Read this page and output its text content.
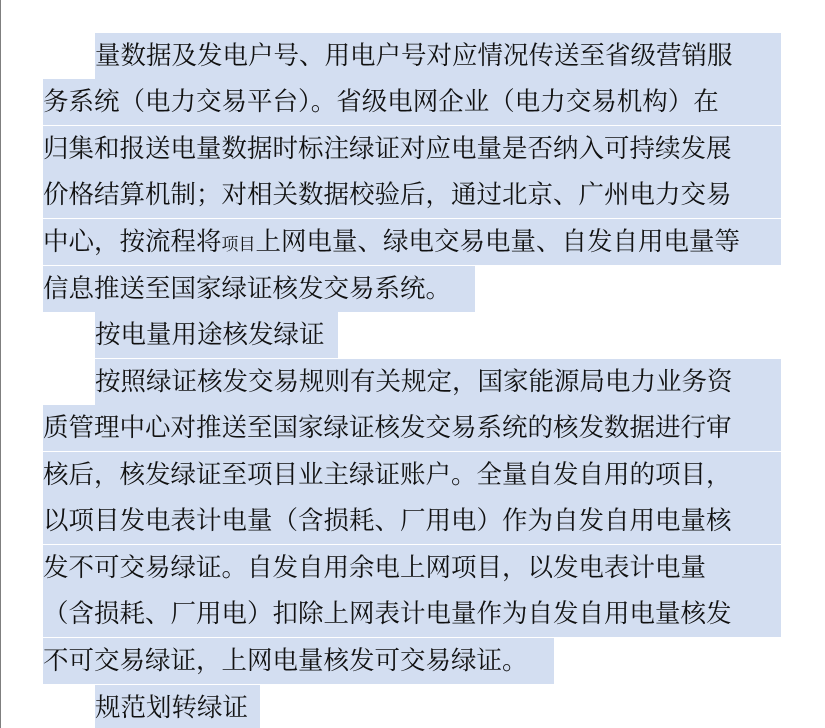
量数据及发电户号、用电户号对应情况传送至省级营销服
务系统（电力交易平台）。省级电网企业（电力交易机构）在
归集和报送电量数据时标注绿证对应电量是否纳入可持续发展
价格结算机制；对相关数据校验后，通过北京、广州电力交易
中心，按流程将项目上网电量、绿电交易电量、自发自用电量等
信息推送至国家绿证核发交易系统。
按电量用途核发绿证
按照绿证核发交易规则有关规定，国家能源局电力业务资
质管理中心对推送至国家绿证核发交易系统的核发数据进行审
核后，核发绿证至项目业主绿证账户。全量自发自用的项目，
以项目发电表计电量（含损耗、厂用电）作为自发自用电量核
发不可交易绿证。自发自用余电上网项目，以发电表计电量
（含损耗、厂用电）扣除上网表计电量作为自发自用电量核发
不可交易绿证，上网电量核发可交易绿证。
规范划转绿证
